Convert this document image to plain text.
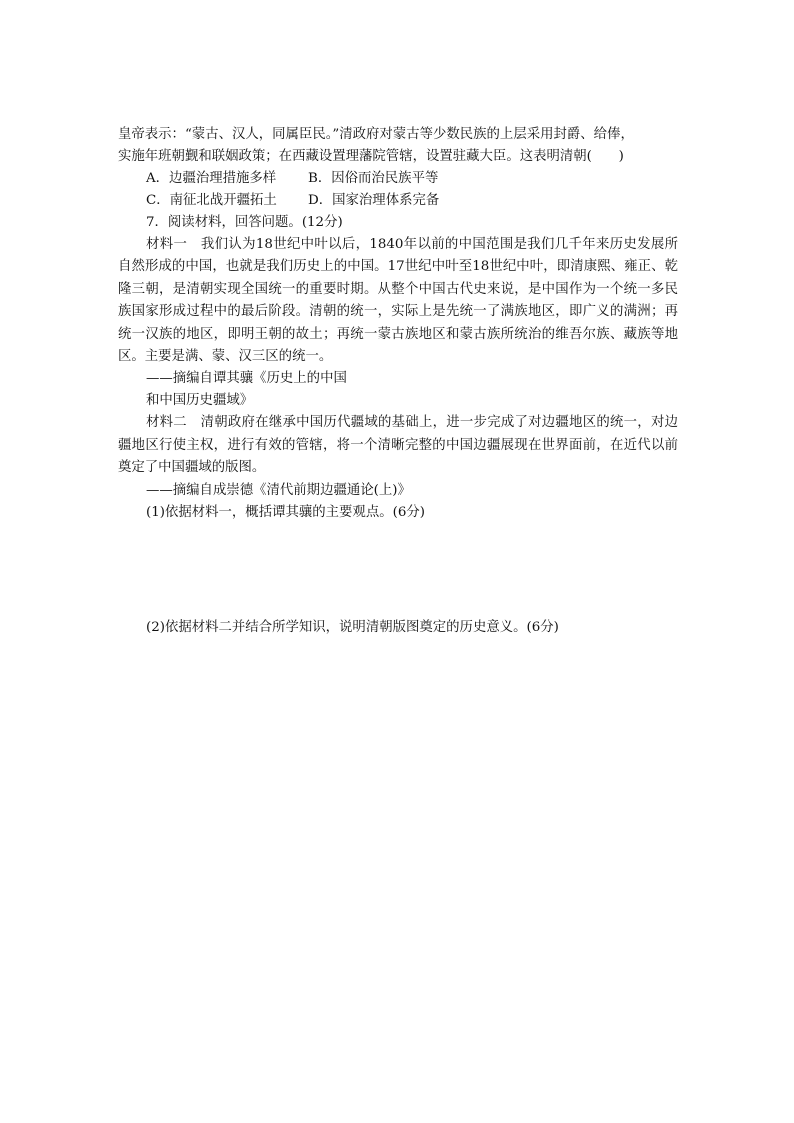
皇帝表示：“蒙古、汉人，同属臣民。”清政府对蒙古等少数民族的上层采用封爵、给俸，
实施年班朝觐和联姻政策；在西藏设置理藩院管辖，设置驻藏大臣。这表明清朝(　　)
A．边疆治理措施多样	B．因俗而治民族平等
C．南征北战开疆拓土	D．国家治理体系完备
7．阅读材料，回答问题。(12分)

材料一　我们认为18世纪中叶以后，1840年以前的中国范围是我们几千年来历史发展所自然形成的中国，也就是我们历史上的中国。17世纪中叶至18世纪中叶，即清康熙、雍正、乾隆三朝，是清朝实现全国统一的重要时期。从整个中国古代史来说，是中国作为一个统一多民族国家形成过程中的最后阶段。清朝的统一，实际上是先统一了满族地区，即广义的满洲；再统一汉族的地区，即明王朝的故土；再统一蒙古族地区和蒙古族所统治的维吾尔族、藏族等地区。主要是满、蒙、汉三区的统一。

——摘编自谭其骧《历史上的中国
和中国历史疆域》

材料二　清朝政府在继承中国历代疆域的基础上，进一步完成了对边疆地区的统一，对边疆地区行使主权，进行有效的管辖，将一个清晰完整的中国边疆展现在世界面前，在近代以前奠定了中国疆域的版图。

——摘编自成崇德《清代前期边疆通论(上)》
(1)依据材料一，概括谭其骧的主要观点。(6分)
(2)依据材料二并结合所学知识，说明清朝版图奠定的历史意义。(6分)
